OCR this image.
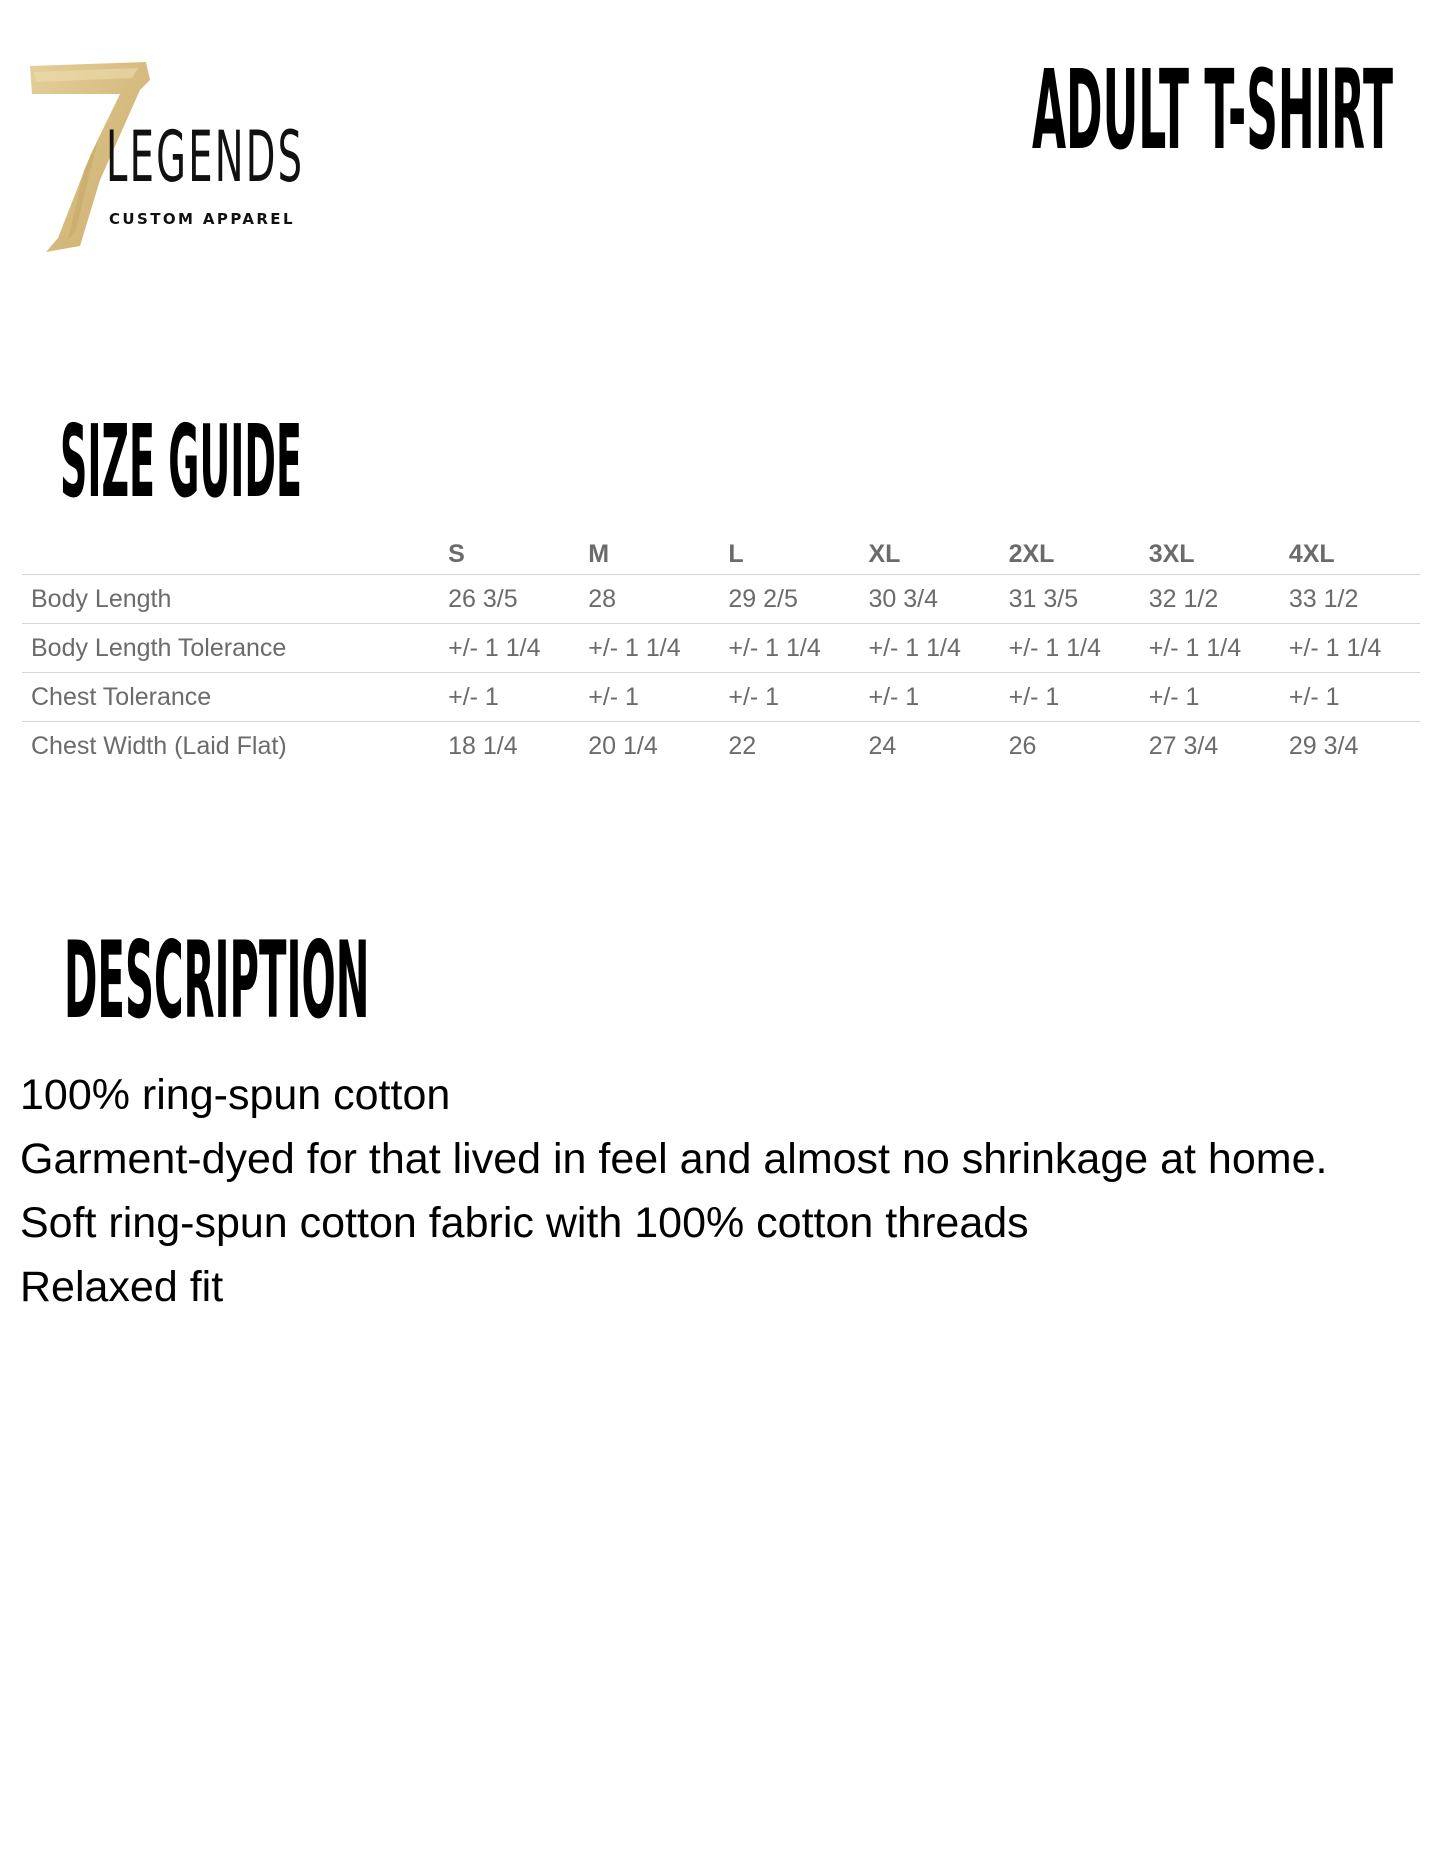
LEGENDS
CUSTOM APPAREL
ADULT T-SHIRT
SIZE GUIDE
	S	M	L	XL	2XL	3XL	4XL
Body Length	26 3/5	28	29 2/5	30 3/4	31 3/5	32 1/2	33 1/2
Body Length Tolerance	+/- 1 1/4	+/- 1 1/4	+/- 1 1/4	+/- 1 1/4	+/- 1 1/4	+/- 1 1/4	+/- 1 1/4
Chest Tolerance	+/- 1	+/- 1	+/- 1	+/- 1	+/- 1	+/- 1	+/- 1
Chest Width (Laid Flat)	18 1/4	20 1/4	22	24	26	27 3/4	29 3/4
DESCRIPTION
100% ring-spun cotton
Garment-dyed for that lived in feel and almost no shrinkage at home.
Soft ring-spun cotton fabric with 100% cotton threads
Relaxed fit
